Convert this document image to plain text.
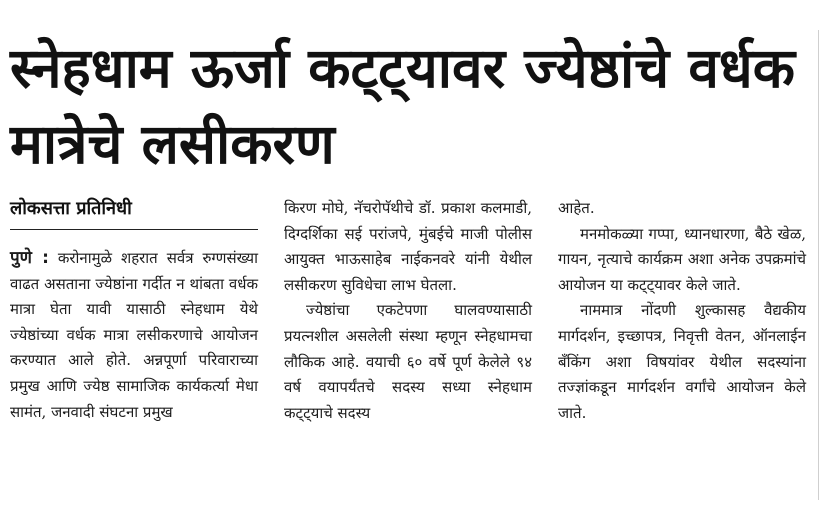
स्नेहधाम ऊर्जा कट्ट्यावर ज्येष्ठांचे वर्धक मात्रेचे लसीकरण
लोकसत्ता प्रतिनिधी

पुणे : करोनामुळे शहरात सर्वत्र रुग्णसंख्या वाढत असताना ज्येष्ठांना गर्दीत न थांबता वर्धक मात्रा घेता यावी यासाठी स्नेहधाम येथे ज्येष्ठांच्या वर्धक मात्रा लसीकरणाचे आयोजन करण्यात आले होते. अन्नपूर्णा परिवाराच्या प्रमुख आणि ज्येष्ठ सामाजिक कार्यकर्त्या मेधा सामंत, जनवादी संघटना प्रमुख

किरण मोघे, नॅचरोपॅथीचे डॉ. प्रकाश कलमाडी, दिग्दर्शिका सई परांजपे, मुंबईचे माजी पोलीस आयुक्त भाऊसाहेब नाईकनवरे यांनी येथील लसीकरण सुविधेचा लाभ घेतला.

ज्येष्ठांचा एकटेपणा घालवण्यासाठी प्रयत्नशील असलेली संस्था म्हणून स्नेहधामचा लौकिक आहे. वयाची ६० वर्षे पूर्ण केलेले ९४ वर्ष वयापर्यंतचे सदस्य सध्या स्नेहधाम कट्ट्याचे सदस्य

आहेत.

मनमोकळ्या गप्पा, ध्यानधारणा, बैठे खेळ, गायन, नृत्याचे कार्यक्रम अशा अनेक उपक्रमांचे आयोजन या कट्ट्यावर केले जाते.

नाममात्र नोंदणी शुल्कासह वैद्यकीय मार्गदर्शन, इच्छापत्र, निवृत्ती वेतन, ऑनलाईन बँकिंग अशा विषयांवर येथील सदस्यांना तज्ज्ञांकडून मार्गदर्शन वर्गांचे आयोजन केले जाते.
